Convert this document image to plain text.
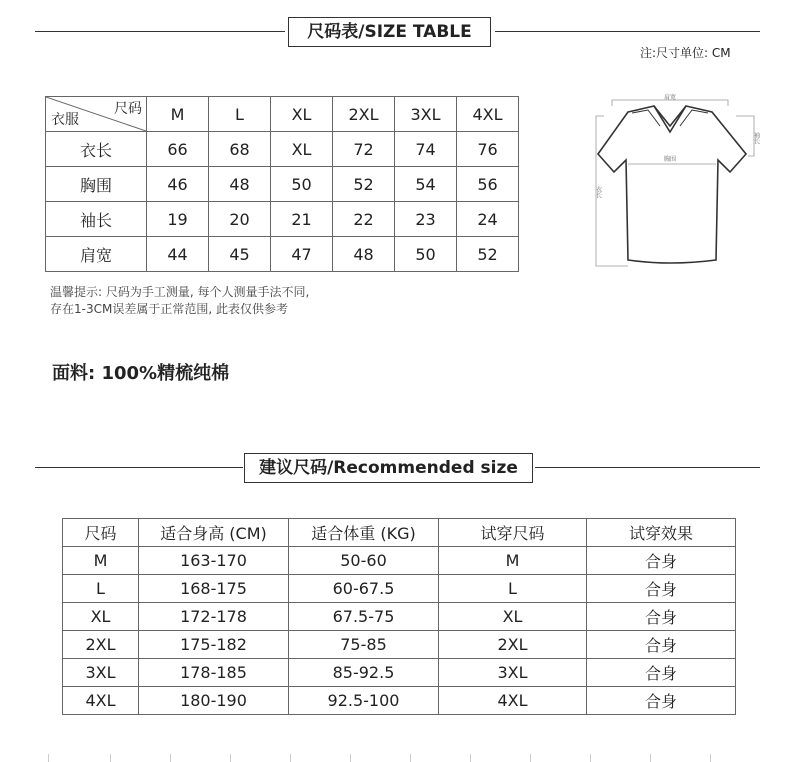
尺码表/SIZE TABLE
注:尺寸单位: CM
尺码
衣服	M	L	XL	2XL	3XL	4XL
衣长	66	68	XL	72	74	76
胸围	46	48	50	52	54	56
袖长	19	20	21	22	23	24
肩宽	44	45	47	48	50	52
温馨提示: 尺码为手工测量, 每个人测量手法不同,
存在1-3CM误差属于正常范围, 此表仅供参考
肩宽
袖长
衣长
胸围
面料: 100%精梳纯棉
建议尺码/Recommended size
尺码	适合身高 (CM)	适合体重 (KG)	试穿尺码	试穿效果
M	163-170	50-60	M	合身
L	168-175	60-67.5	L	合身
XL	172-178	67.5-75	XL	合身
2XL	175-182	75-85	2XL	合身
3XL	178-185	85-92.5	3XL	合身
4XL	180-190	92.5-100	4XL	合身
